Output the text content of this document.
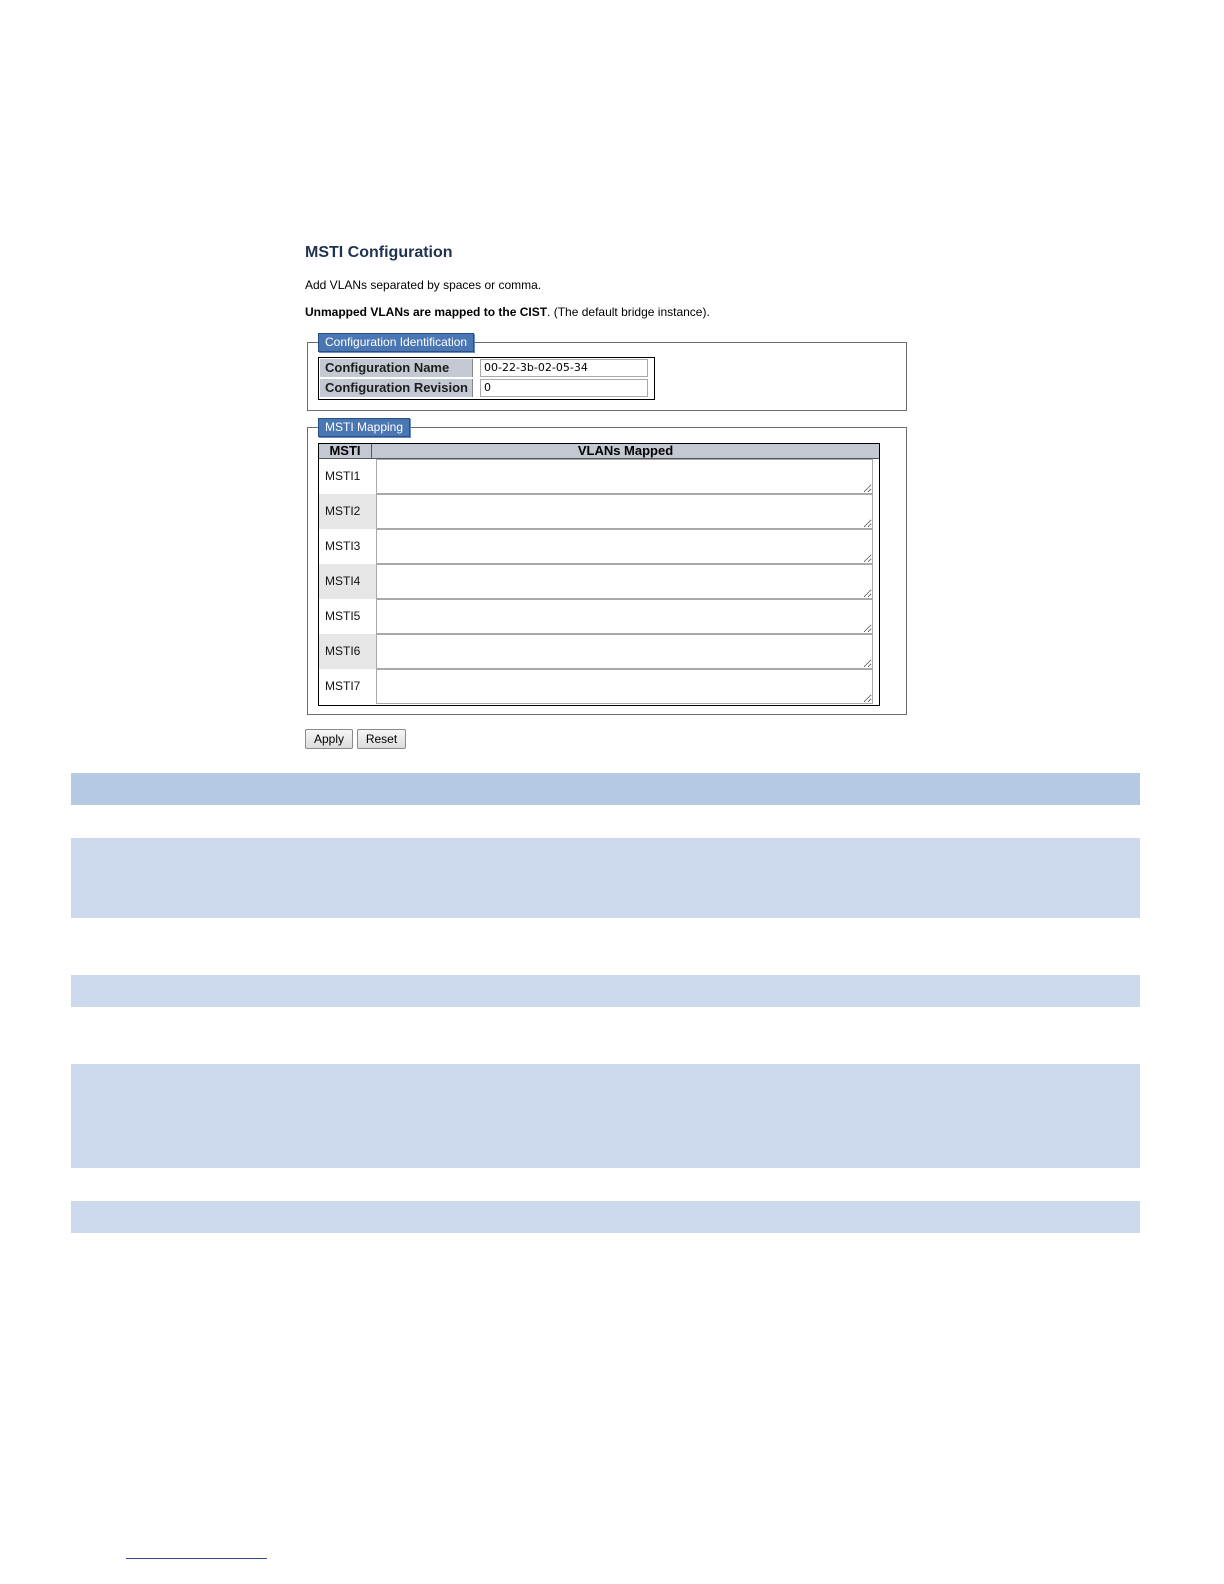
MSTI Configuration
Add VLANs separated by spaces or comma.
Unmapped VLANs are mapped to the CIST. (The default bridge instance).
Configuration Identification
Configuration Name	00-22-3b-02-05-34
Configuration Revision	0
MSTI Mapping
MSTI	VLANs Mapped
MSTI1
MSTI2
MSTI3
MSTI4
MSTI5
MSTI6
MSTI7
Apply	Reset
